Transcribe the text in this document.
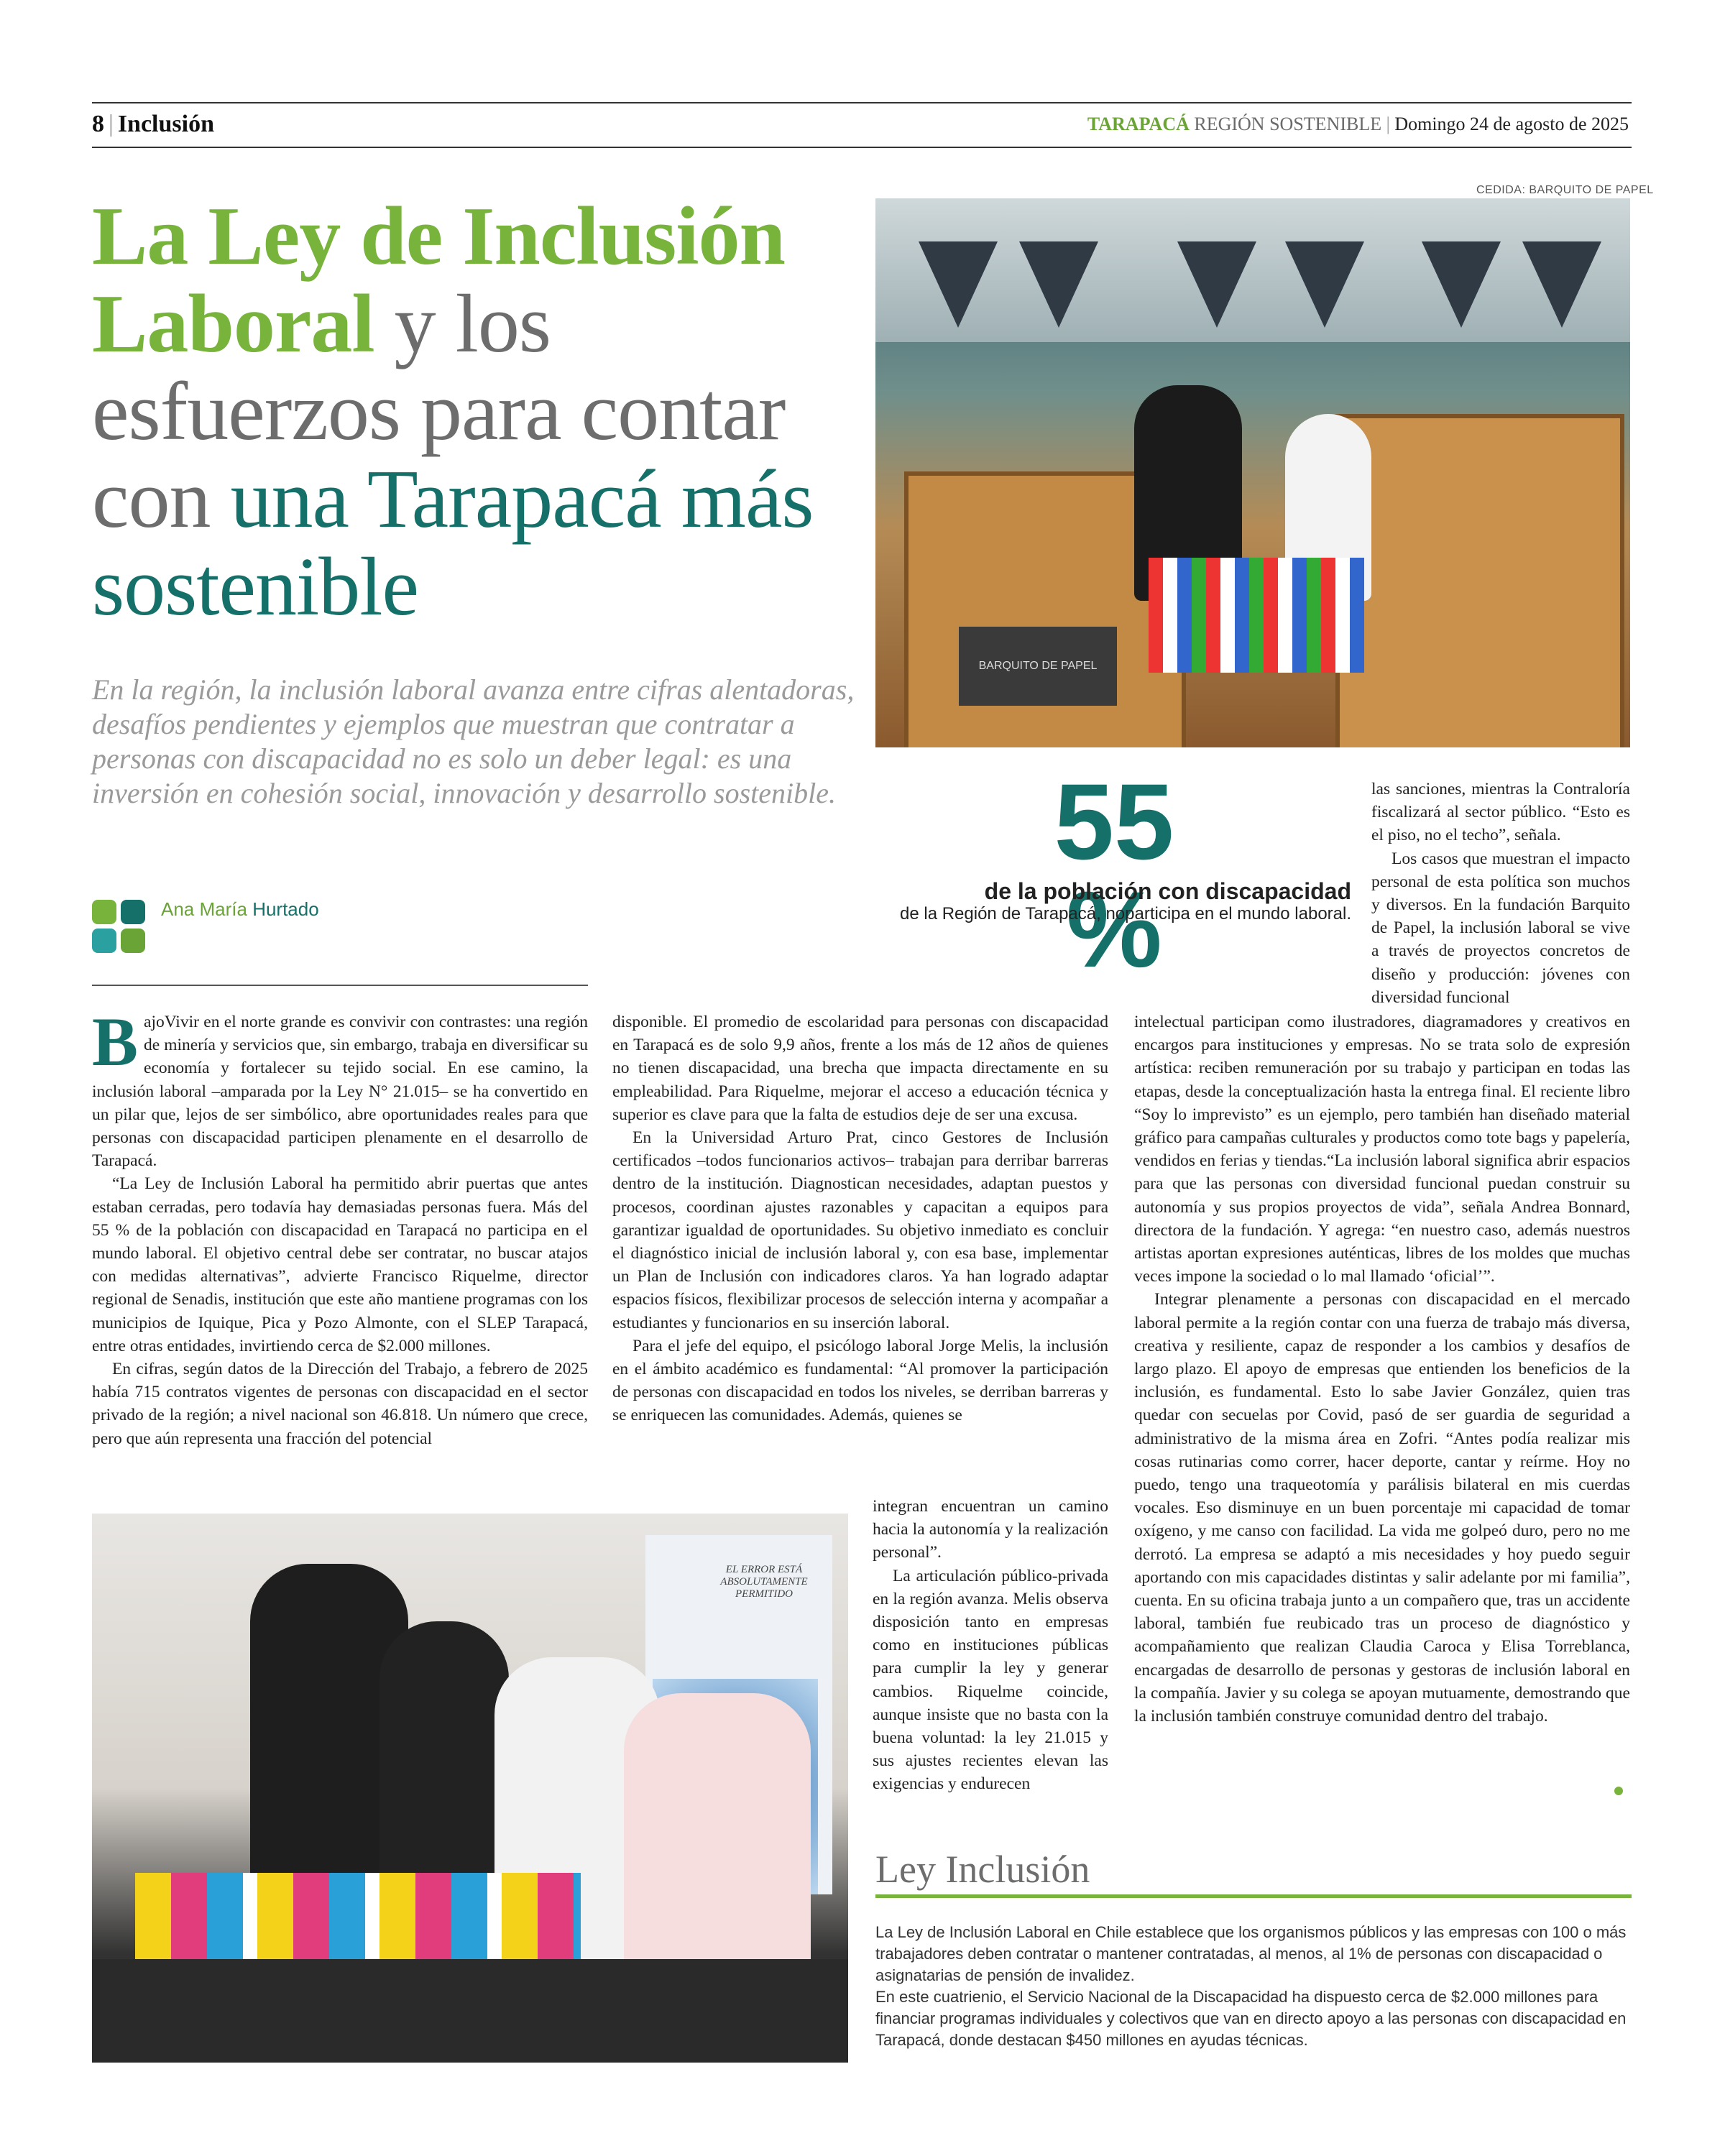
8 | Inclusión	TARAPACÁ REGIÓN SOSTENIBLE | Domingo 24 de agosto de 2025
La Ley de Inclusión Laboral y los esfuerzos para contar con una Tarapacá más sostenible
En la región, la inclusión laboral avanza entre cifras alentadoras, desafíos pendientes y ejemplos que muestran que contratar a personas con discapacidad no es solo un deber legal: es una inversión en cohesión social, innovación y desarrollo sostenible.
CEDIDA: BARQUITO DE PAPEL
BARQUITO DE PAPEL
55 %
de la población con discapacidad
de la Región de Tarapacá, noparticipa en el mundo laboral.
Ana María Hurtado

BajoVivir en el norte grande es convivir con contrastes: una región de minería y servicios que, sin embargo, trabaja en diversificar su economía y fortalecer su tejido social. En ese camino, la inclusión laboral –amparada por la Ley N° 21.015– se ha convertido en un pilar que, lejos de ser simbólico, abre oportunidades reales para que personas con discapacidad participen plenamente en el desarrollo de Tarapacá.

“La Ley de Inclusión Laboral ha permitido abrir puertas que antes estaban cerradas, pero todavía hay demasiadas personas fuera. Más del 55 % de la población con discapacidad en Tarapacá no participa en el mundo laboral. El objetivo central debe ser contratar, no buscar atajos con medidas alternativas”, advierte Francisco Riquelme, director regional de Senadis, institución que este año mantiene programas con los municipios de Iquique, Pica y Pozo Almonte, con el SLEP Tarapacá, entre otras entidades, invirtiendo cerca de $2.000 millones.

En cifras, según datos de la Dirección del Trabajo, a febrero de 2025 había 715 contratos vigentes de personas con discapacidad en el sector privado de la región; a nivel nacional son 46.818. Un número que crece, pero que aún representa una fracción del potencial

disponible. El promedio de escolaridad para personas con discapacidad en Tarapacá es de solo 9,9 años, frente a los más de 12 años de quienes no tienen discapacidad, una brecha que impacta directamente en su empleabilidad. Para Riquelme, mejorar el acceso a educación técnica y superior es clave para que la falta de estudios deje de ser una excusa.

En la Universidad Arturo Prat, cinco Gestores de Inclusión certificados –todos funcionarios activos– trabajan para derribar barreras dentro de la institución. Diagnostican necesidades, adaptan puestos y procesos, coordinan ajustes razonables y capacitan a equipos para garantizar igualdad de oportunidades. Su objetivo inmediato es concluir el diagnóstico inicial de inclusión laboral y, con esa base, implementar un Plan de Inclusión con indicadores claros. Ya han logrado adaptar espacios físicos, flexibilizar procesos de selección interna y acompañar a estudiantes y funcionarios en su inserción laboral.

Para el jefe del equipo, el psicólogo laboral Jorge Melis, la inclusión en el ámbito académico es fundamental: “Al promover la participación de personas con discapacidad en todos los niveles, se derriban barreras y se enriquecen las comunidades. Además, quienes se

integran encuentran un camino hacia la autonomía y la realización personal”.

La articulación público-privada en la región avanza. Melis observa disposición tanto en empresas como en instituciones públicas para cumplir la ley y generar cambios. Riquelme coincide, aunque insiste que no basta con la buena voluntad: la ley 21.015 y sus ajustes recientes elevan las exigencias y endurecen

las sanciones, mientras la Contraloría fiscalizará al sector público. “Esto es el piso, no el techo”, señala.

Los casos que muestran el impacto personal de esta política son muchos y diversos. En la fundación Barquito de Papel, la inclusión laboral se vive a través de proyectos concretos de diseño y producción: jóvenes con diversidad funcional

intelectual participan como ilustradores, diagramadores y creativos en encargos para instituciones y empresas. No se trata solo de expresión artística: reciben remuneración por su trabajo y participan en todas las etapas, desde la conceptualización hasta la entrega final. El reciente libro “Soy lo imprevisto” es un ejemplo, pero también han diseñado material gráfico para campañas culturales y productos como tote bags y papelería, vendidos en ferias y tiendas.“La inclusión laboral significa abrir espacios para que las personas con diversidad funcional puedan construir su autonomía y sus propios proyectos de vida”, señala Andrea Bonnard, directora de la fundación. Y agrega: “en nuestro caso, además nuestros artistas aportan expresiones auténticas, libres de los moldes que muchas veces impone la sociedad o lo mal llamado ‘oficial’”.

Integrar plenamente a personas con discapacidad en el mercado laboral permite a la región contar con una fuerza de trabajo más diversa, creativa y resiliente, capaz de responder a los cambios y desafíos de largo plazo. El apoyo de empresas que entienden los beneficios de la inclusión, es fundamental. Esto lo sabe Javier González, quien tras quedar con secuelas por Covid, pasó de ser guardia de seguridad a administrativo de la misma área en Zofri. “Antes podía realizar mis cosas rutinarias como correr, hacer deporte, cantar y reírme. Hoy no puedo, tengo una traqueotomía y parálisis bilateral en mis cuerdas vocales. Eso disminuye en un buen porcentaje mi capacidad de tomar oxígeno, y me canso con facilidad. La vida me golpeó duro, pero no me derrotó. La empresa se adaptó a mis necesidades y hoy puedo seguir aportando con mis capacidades distintas y salir adelante por mi familia”, cuenta. En su oficina trabaja junto a un compañero que, tras un accidente laboral, también fue reubicado tras un proceso de diagnóstico y acompañamiento que realizan Claudia Caroca y Elisa Torreblanca, encargadas de desarrollo de personas y gestoras de inclusión laboral en la compañía. Javier y su colega se apoyan mutuamente, demostrando que la inclusión también construye comunidad dentro del trabajo.

EL ERROR ESTÁ ABSOLUTAMENTE PERMITIDO
Ley Inclusión

La Ley de Inclusión Laboral en Chile establece que los organismos públicos y las empresas con 100 o más trabajadores deben contratar o mantener contratadas, al menos, al 1% de personas con discapacidad o asignatarias de pensión de invalidez.

En este cuatrienio, el Servicio Nacional de la Discapacidad ha dispuesto cerca de $2.000 millones para financiar programas individuales y colectivos que van en directo apoyo a las personas con discapacidad en Tarapacá, donde destacan $450 millones en ayudas técnicas.
